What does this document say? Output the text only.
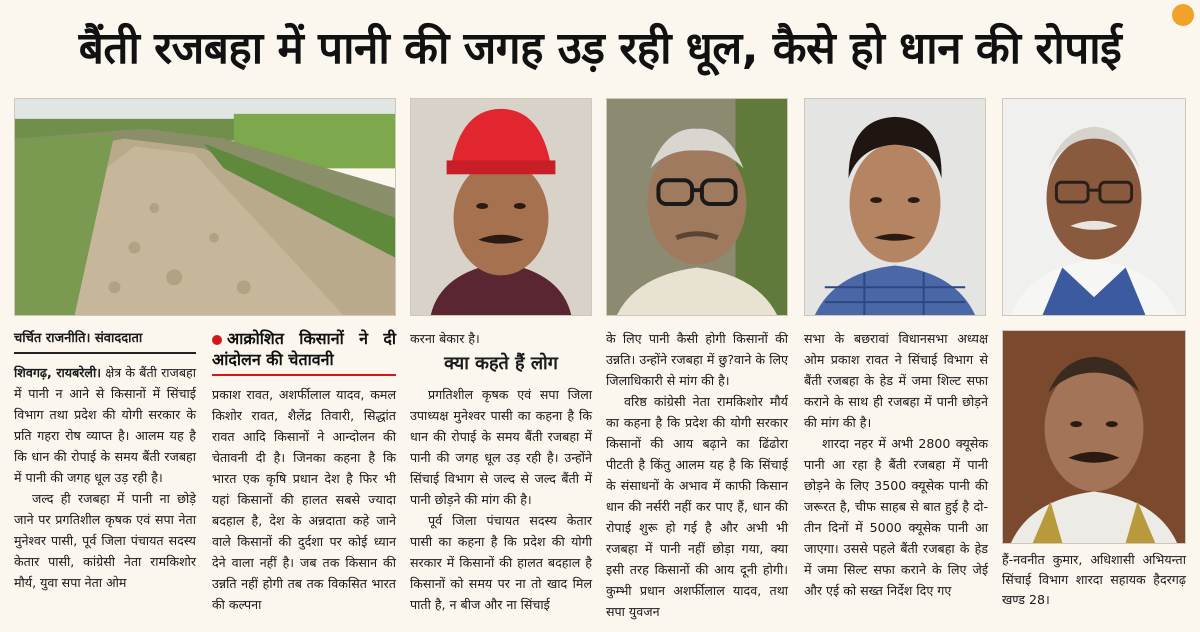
बैंती रजबहा में पानी की जगह उड़ रही धूल, कैसे हो धान की रोपाई
चर्चित राजनीति। संवाददाता

शिवगढ़, रायबरेली। क्षेत्र के बैंती राजबहा में पानी न आने से किसानों में सिंचाई विभाग तथा प्रदेश की योगी सरकार के प्रति गहरा रोष व्याप्त है। आलम यह है कि धान की रोपाई के समय बैंती रजबहा में पानी की जगह धूल उड़ रही है।

जल्द ही रजबहा में पानी ना छोड़े जाने पर प्रगतिशील कृषक एवं सपा नेता मुनेश्वर पासी, पूर्व जिला पंचायत सदस्य केतार पासी, कांग्रेसी नेता रामकिशोर मौर्य, युवा सपा नेता ओम

आक्रोशित किसानों ने दी आंदोलन की चेतावनी

प्रकाश रावत, अशर्फीलाल यादव, कमल किशोर रावत, शैलेंद्र तिवारी, सिद्धांत रावत आदि किसानों ने आन्दोलन की चेतावनी दी है। जिनका कहना है कि भारत एक कृषि प्रधान देश है फिर भी यहां किसानों की हालत सबसे ज्यादा बदहाल है, देश के अन्नदाता कहे जाने वाले किसानों की दुर्दशा पर कोई ध्यान देने वाला नहीं है। जब तक किसान की उन्नति नहीं होगी तब तक विकसित भारत की कल्पना

करना बेकार है।

क्या कहते हैं लोग

प्रगतिशील कृषक एवं सपा जिला उपाध्यक्ष मुनेश्वर पासी का कहना है कि धान की रोपाई के समय बैंती रजबहा में पानी की जगह धूल उड़ रही है। उन्होंने सिंचाई विभाग से जल्द से जल्द बैंती में पानी छोड़ने की मांग की है।

पूर्व जिला पंचायत सदस्य केतार पासी का कहना है कि प्रदेश की योगी सरकार में किसानों की हालत बदहाल है किसानों को समय पर ना तो खाद मिल पाती है, न बीज और ना सिंचाई

के लिए पानी कैसी होगी किसानों की उन्नति। उन्होंने रजबहा में छु?वाने के लिए जिलाधिकारी से मांग की है।

वरिष्ठ कांग्रेसी नेता रामकिशोर मौर्य का कहना है कि प्रदेश की योगी सरकार किसानों की आय बढ़ाने का ढिंढोरा पीटती है किंतु आलम यह है कि सिंचाई के संसाधनों के अभाव में काफी किसान धान की नर्सरी नहीं कर पाए हैं, धान की रोपाई शुरू हो गई है और अभी भी रजबहा में पानी नहीं छोड़ा गया, क्या इसी तरह किसानों की आय दूनी होगी। कुम्भी प्रधान अशर्फीलाल यादव, तथा सपा युवजन

सभा के बछरावां विधानसभा अध्यक्ष ओम प्रकाश रावत ने सिंचाई विभाग से बैंती रजबहा के हेड में जमा शिल्ट सफा कराने के साथ ही रजबहा में पानी छोड़ने की मांग की है।

शारदा नहर में अभी 2800 क्यूसेक पानी आ रहा है बैंती रजबहा में पानी छोड़ने के लिए 3500 क्यूसेक पानी की जरूरत है, चीफ साहब से बात हुई है दो-तीन दिनों में 5000 क्यूसेक पानी आ जाएगा। उससे पहले बैंती रजबहा के हेड में जमा सिल्ट सफा कराने के लिए जेई और एई को सख्त निर्देश दिए गए

हैं-नवनीत कुमार, अधिशासी अभियन्ता सिंचाई विभाग शारदा सहायक हैदरगढ़ खण्ड 28।
